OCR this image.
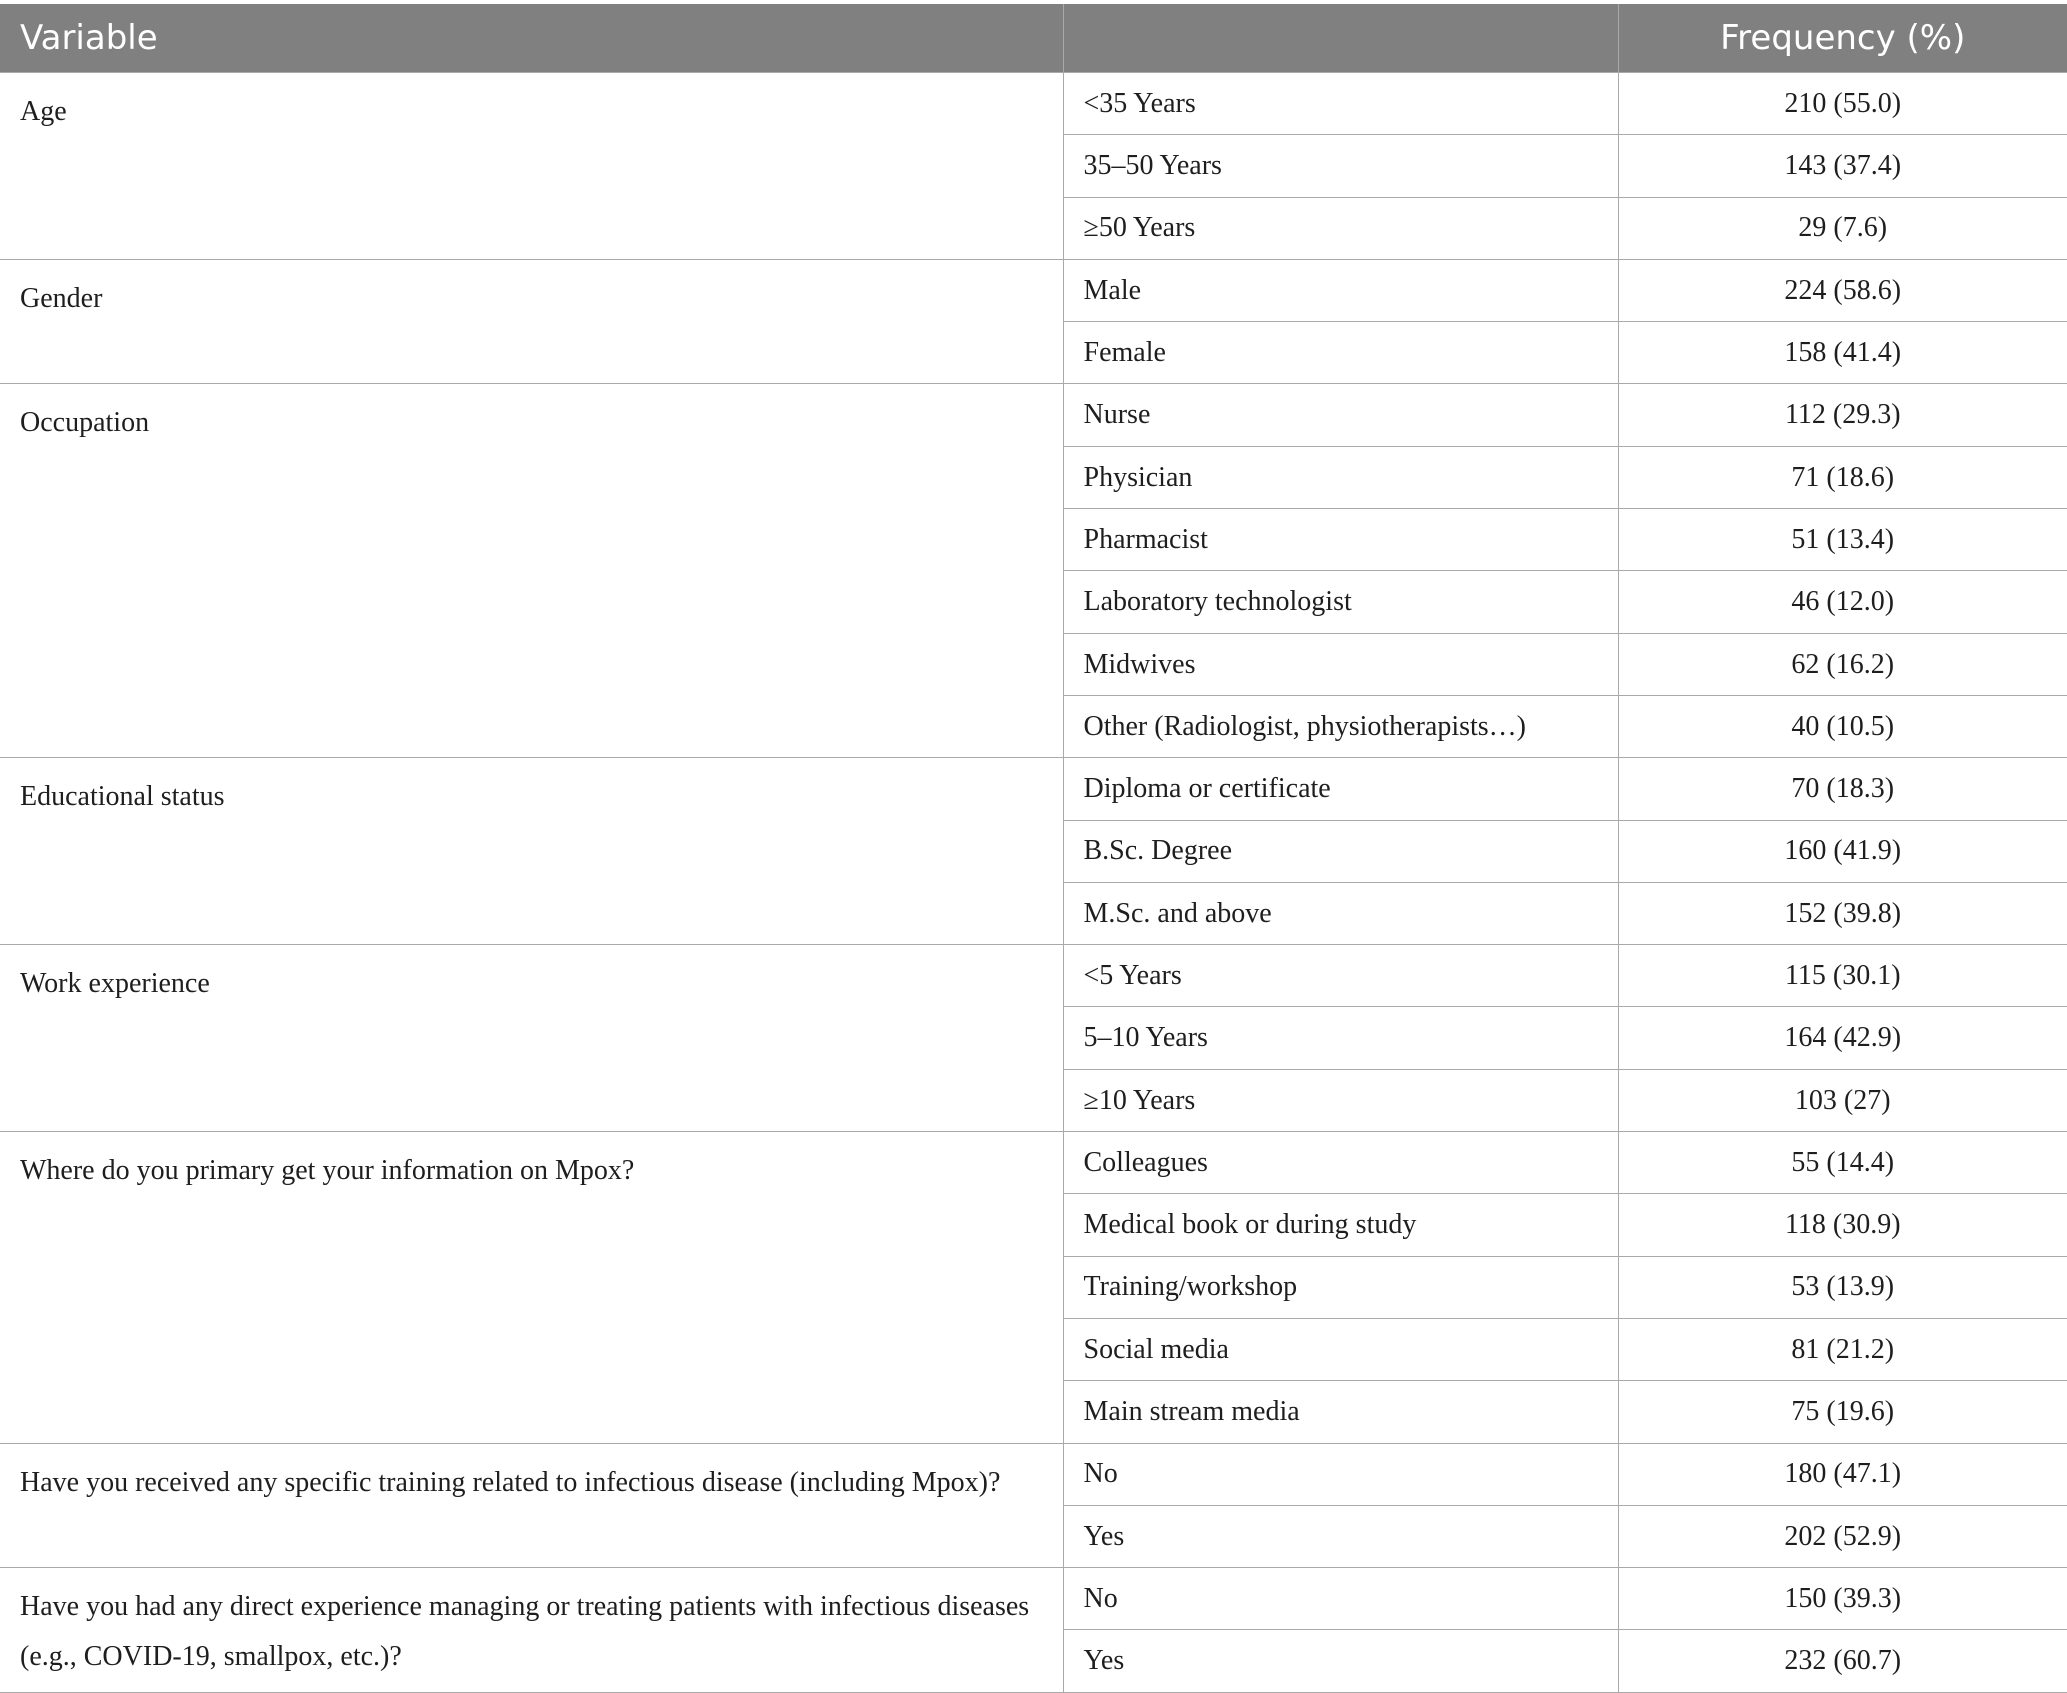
Variable		Frequency (%)
Age	<35 Years	210 (55.0)
	35–50 Years	143 (37.4)
	≥50 Years	29 (7.6)
Gender	Male	224 (58.6)
	Female	158 (41.4)
Occupation	Nurse	112 (29.3)
	Physician	71 (18.6)
	Pharmacist	51 (13.4)
	Laboratory technologist	46 (12.0)
	Midwives	62 (16.2)
	Other (Radiologist, physiotherapists…)	40 (10.5)
Educational status	Diploma or certificate	70 (18.3)
	B.Sc. Degree	160 (41.9)
	M.Sc. and above	152 (39.8)
Work experience	<5 Years	115 (30.1)
	5–10 Years	164 (42.9)
	≥10 Years	103 (27)
Where do you primary get your information on Mpox?	Colleagues	55 (14.4)
	Medical book or during study	118 (30.9)
	Training/workshop	53 (13.9)
	Social media	81 (21.2)
	Main stream media	75 (19.6)
Have you received any specific training related to infectious disease (including Mpox)?	No	180 (47.1)
	Yes	202 (52.9)
Have you had any direct experience managing or treating patients with infectious diseases (e.g., COVID-19, smallpox, etc.)?	No	150 (39.3)
	Yes	232 (60.7)
